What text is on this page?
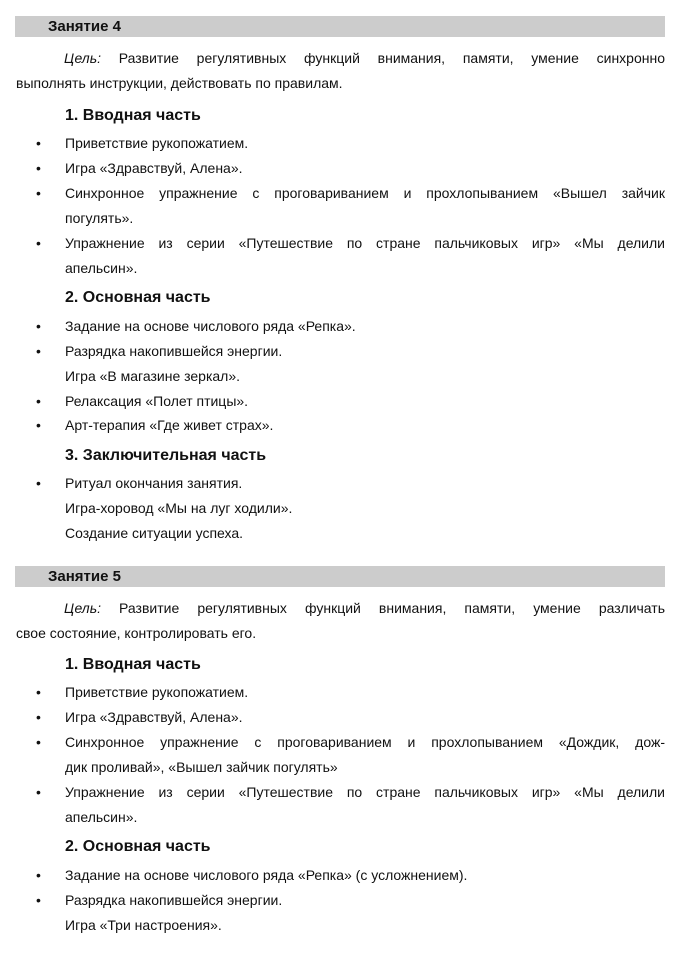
Занятие 4
Цель: Развитие регулятивных функций внимания, памяти, умение синхронно
выполнять инструкции, действовать по правилам.
1. Вводная часть
• Приветствие рукопожатием.
• Игра «Здравствуй, Алена».
• Синхронное упражнение с проговариванием и прохлопыванием «Вышел зайчик
погулять».
• Упражнение из серии «Путешествие по стране пальчиковых игр» «Мы делили
апельсин».
2. Основная часть
• Задание на основе числового ряда «Репка».
• Разрядка накопившейся энергии.
Игра «В магазине зеркал».
• Релаксация «Полет птицы».
• Арт-терапия «Где живет страх».
3. Заключительная часть
• Ритуал окончания занятия.
Игра-хоровод «Мы на луг ходили».
Создание ситуации успеха.
Занятие 5
Цель: Развитие регулятивных функций внимания, памяти, умение различать
свое состояние, контролировать его.
1. Вводная часть
• Приветствие рукопожатием.
• Игра «Здравствуй, Алена».
• Синхронное упражнение с проговариванием и прохлопыванием «Дождик, дож-
дик проливай», «Вышел зайчик погулять»
• Упражнение из серии «Путешествие по стране пальчиковых игр» «Мы делили
апельсин».
2. Основная часть
• Задание на основе числового ряда «Репка» (с усложнением).
• Разрядка накопившейся энергии.
Игра «Три настроения».
